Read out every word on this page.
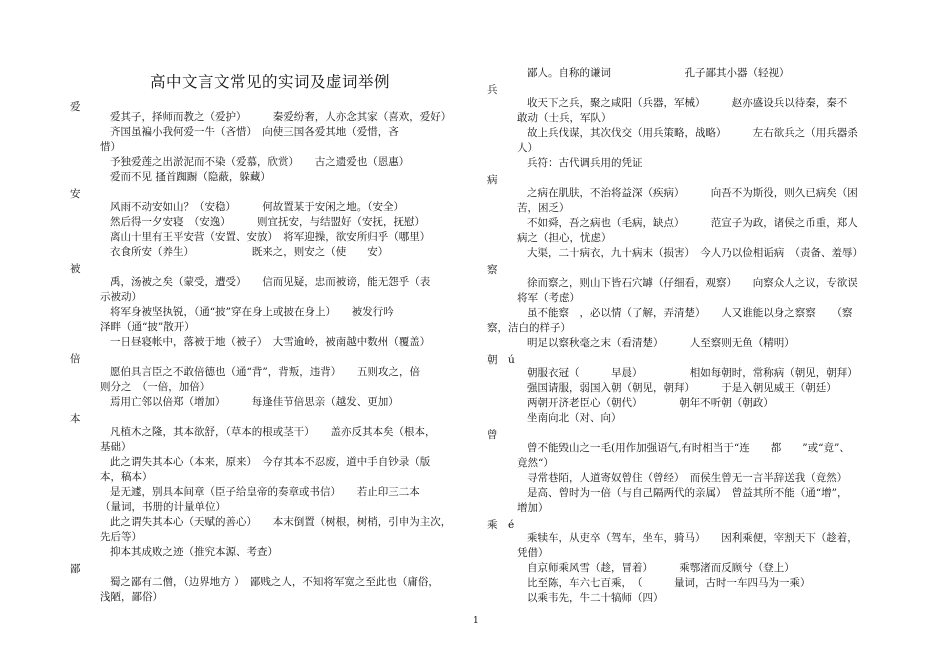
高中文言文常见的实词及虚词举例
爱
爱其子，择师而教之（爱护）　　　秦爱纷奢，人亦念其家（喜欢，爱好）
齐国虽褊小我何爱一牛（吝惜）　向使三国各爱其地（爱惜，吝
惜）
予独爱莲之出淤泥而不染（爱慕，欣赏）　　古之遗爱也（恩惠）
爱而不见 搔首踟蹰（隐蔽，躲藏）
安
风雨不动安如山？（安稳）　　　何故置某于安闲之地。（安全）
然后得一夕安寝　（安逸）　　　则宜抚安，与结盟好（安抚，抚慰）
离山十里有王平安营（安置、安放）　将军迎操，欲安所归乎（哪里）
衣食所安（养生）　　　　　　既来之，则安之（使　　安）
被
禹，汤被之矣（蒙受，遭受）　　信而见疑，忠而被谤，能无怨乎（表
示被动）
将军身被坚执锐，（通“披”穿在身上或披在身上）　　被发行吟
泽畔（通“披”散开）
一日昼寝帐中，落被于地（被子）　大雪逾岭，被南越中数州（覆盖）
倍
愿伯具言臣之不敢倍德也（通“背”，背叛，违背）　　五则攻之，倍
则分之　（一倍，加倍）
焉用亡邻以倍郑（增加）　　　每逢佳节倍思亲（越发、更加）
本
凡植木之隆，其本欲舒，（草本的根或茎干）　　盖亦反其本矣（根本，
基础）
此之谓失其本心（本来，原来）　今存其本不忍废，道中手自钞录（版
本，稿本）
是无遽，别具本间章（臣子给皇帝的奏章或书信）　　若止印三二本
（量词，书册的计量单位）
此之谓失其本心（天赋的善心）　　本末倒置（树根，树梢，引申为主次，
先后等）
抑本其成败之迹（推究本源、考查）
鄙
蜀之鄙有二僧，（边界地方 ）　鄙贱之人，不知将军宽之至此也（庸俗，
浅陋，鄙俗）
鄙人。自称的谦词　　　　　　　孔子鄙其小器（轻视）
兵
收天下之兵，聚之咸阳（兵器，军械）　　　赵亦盛设兵以待秦，秦不
敢动（士兵，军队）
故上兵伐谋，其次伐交（用兵策略，战略）　　　左右欲兵之（用兵器杀
人）
兵符：古代调兵用的凭证
病
之病在肌肤，不治将益深（疾病）　　　向吾不为斯役，则久已病矣（困
苦，困乏）
不如舜，吾之病也（毛病，缺点）　　　范宣子为政，诸侯之币重，郑人
病之（担心，忧虑）
大渠，二十病衣，九十病末（损害）　今人乃以俭相诟病　（责备、羞辱）
察
徐而察之，则山下皆石穴罅（仔细看，观察）　　向察众人之议，专欲误
将军（考虑）
虽不能察　，必以情（了解，弄清楚）　　人又谁能以身之察察　　（察
察，洁白的样子）
明足以察秋毫之末（看清楚）　　　人至察则无鱼（精明）
朝　ú
朝服衣冠（　　　早晨）　　　　　相如每朝时，常称病（朝见，朝拜）
强国请服，弱国入朝（朝见，朝拜）　　　于是入朝见威王（朝廷）
两朝开济老臣心（朝代）　　　　朝年不听朝（朝政）
坐南向北（对、向）
曾
曾不能毁山之一毛(用作加强语气,有时相当于“连　　都　　”或“竟”、
竟然“）
寻常巷陌，人道寄奴曾住（曾经）　而侯生曾无一言半辞送我（竟然）
是高、曾时为一倍（与自己隔两代的亲属）　曾益其所不能（通“增”，
增加）
乘　é
乘犊车，从吏卒（驾车，坐车，骑马）　　因利乘便，宰割天下（趁着，
凭借）
自京师乘风雪（趁，冒着）　　　乘鄂渚而反顾兮（登上）
比至陈，车六七百乘，　（　　　量词，古时一车四马为一乘）
以乘韦先，牛二十犒师（四）
1
